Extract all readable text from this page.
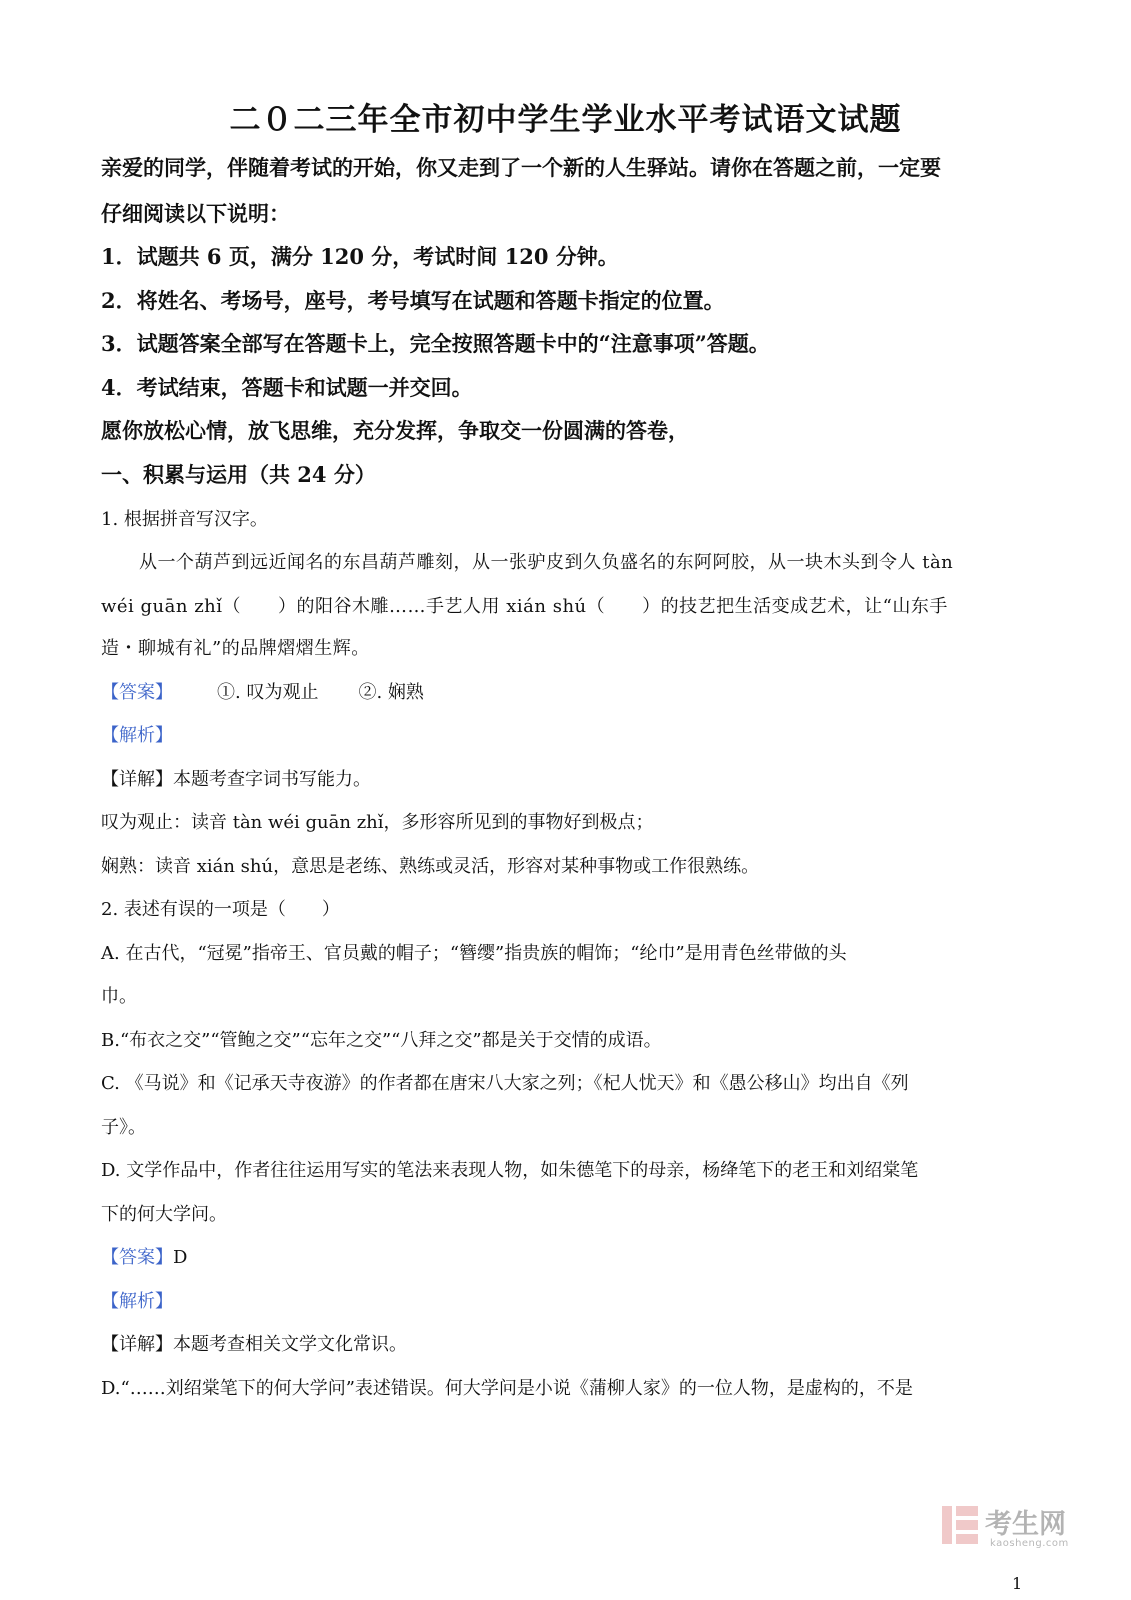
二０二三年全市初中学生学业水平考试语文试题
亲爱的同学，伴随着考试的开始，你又走到了一个新的人生驿站。请你在答题之前，一定要
仔细阅读以下说明：
1．试题共 6 页，满分 120 分，考试时间 120 分钟。
2．将姓名、考场号，座号，考号填写在试题和答题卡指定的位置。
3．试题答案全部写在答题卡上，完全按照答题卡中的“注意事项”答题。
4．考试结束，答题卡和试题一并交回。
愿你放松心情，放飞思维，充分发挥，争取交一份圆满的答卷，
一、积累与运用（共 24 分）
1. 根据拼音写汉字。
从一个葫芦到远近闻名的东昌葫芦雕刻，从一张驴皮到久负盛名的东阿阿胶，从一块木头到令人 tàn
wéi guān zhǐ（　　）的阳谷木雕……手艺人用 xián shú（　　）的技艺把生活变成艺术，让“山东手
造・聊城有礼”的品牌熠熠生辉。
【答案】 ①. 叹为观止 ②. 娴熟
【解析】
【详解】本题考查字词书写能力。
叹为观止：读音 tàn wéi guān zhǐ，多形容所见到的事物好到极点；
娴熟：读音 xián shú，意思是老练、熟练或灵活，形容对某种事物或工作很熟练。
2. 表述有误的一项是（　　）
A. 在古代，“冠冕”指帝王、官员戴的帽子；“簪缨”指贵族的帽饰；“纶巾”是用青色丝带做的头
巾。
B.“布衣之交”“管鲍之交”“忘年之交”“八拜之交”都是关于交情的成语。
C. 《马说》和《记承天寺夜游》的作者都在唐宋八大家之列；《杞人忧天》和《愚公移山》均出自《列
子》。
D. 文学作品中，作者往往运用写实的笔法来表现人物，如朱德笔下的母亲，杨绛笔下的老王和刘绍棠笔
下的何大学问。
【答案】D
【解析】
【详解】本题考查相关文学文化常识。
D.“……刘绍棠笔下的何大学问”表述错误。何大学问是小说《蒲柳人家》的一位人物，是虚构的，不是
考生网
kaosheng.com
1
